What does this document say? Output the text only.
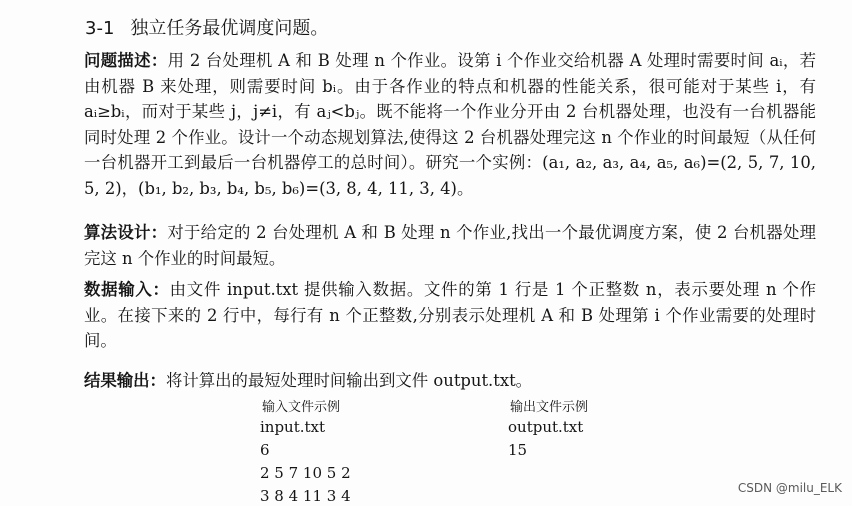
3-1 独立任务最优调度问题。

问题描述：用 2 台处理机 A 和 B 处理 n 个作业。设第 i 个作业交给机器 A 处理时需要时间 aᵢ，若由机器 B 来处理，则需要时间 bᵢ。由于各作业的特点和机器的性能关系，很可能对于某些 i，有 aᵢ≥bᵢ，而对于某些 j，j≠i，有 aⱼ<bⱼ。既不能将一个作业分开由 2 台机器处理，也没有一台机器能同时处理 2 个作业。设计一个动态规划算法,使得这 2 台机器处理完这 n 个作业的时间最短（从任何一台机器开工到最后一台机器停工的总时间）。研究一个实例：(a₁, a₂, a₃, a₄, a₅, a₆)=(2, 5, 7, 10, 5, 2)，(b₁, b₂, b₃, b₄, b₅, b₆)=(3, 8, 4, 11, 3, 4)。

算法设计：对于给定的 2 台处理机 A 和 B 处理 n 个作业,找出一个最优调度方案，使 2 台机器处理完这 n 个作业的时间最短。

数据输入：由文件 input.txt 提供输入数据。文件的第 1 行是 1 个正整数 n，表示要处理 n 个作业。在接下来的 2 行中，每行有 n 个正整数,分别表示处理机 A 和 B 处理第 i 个作业需要的处理时间。

结果输出：将计算出的最短处理时间输出到文件 output.txt。

输入文件示例	输出文件示例
input.txt
6
2 5 7 10 5 2
3 8 4 11 3 4
output.txt
15
CSDN @milu_ELK
